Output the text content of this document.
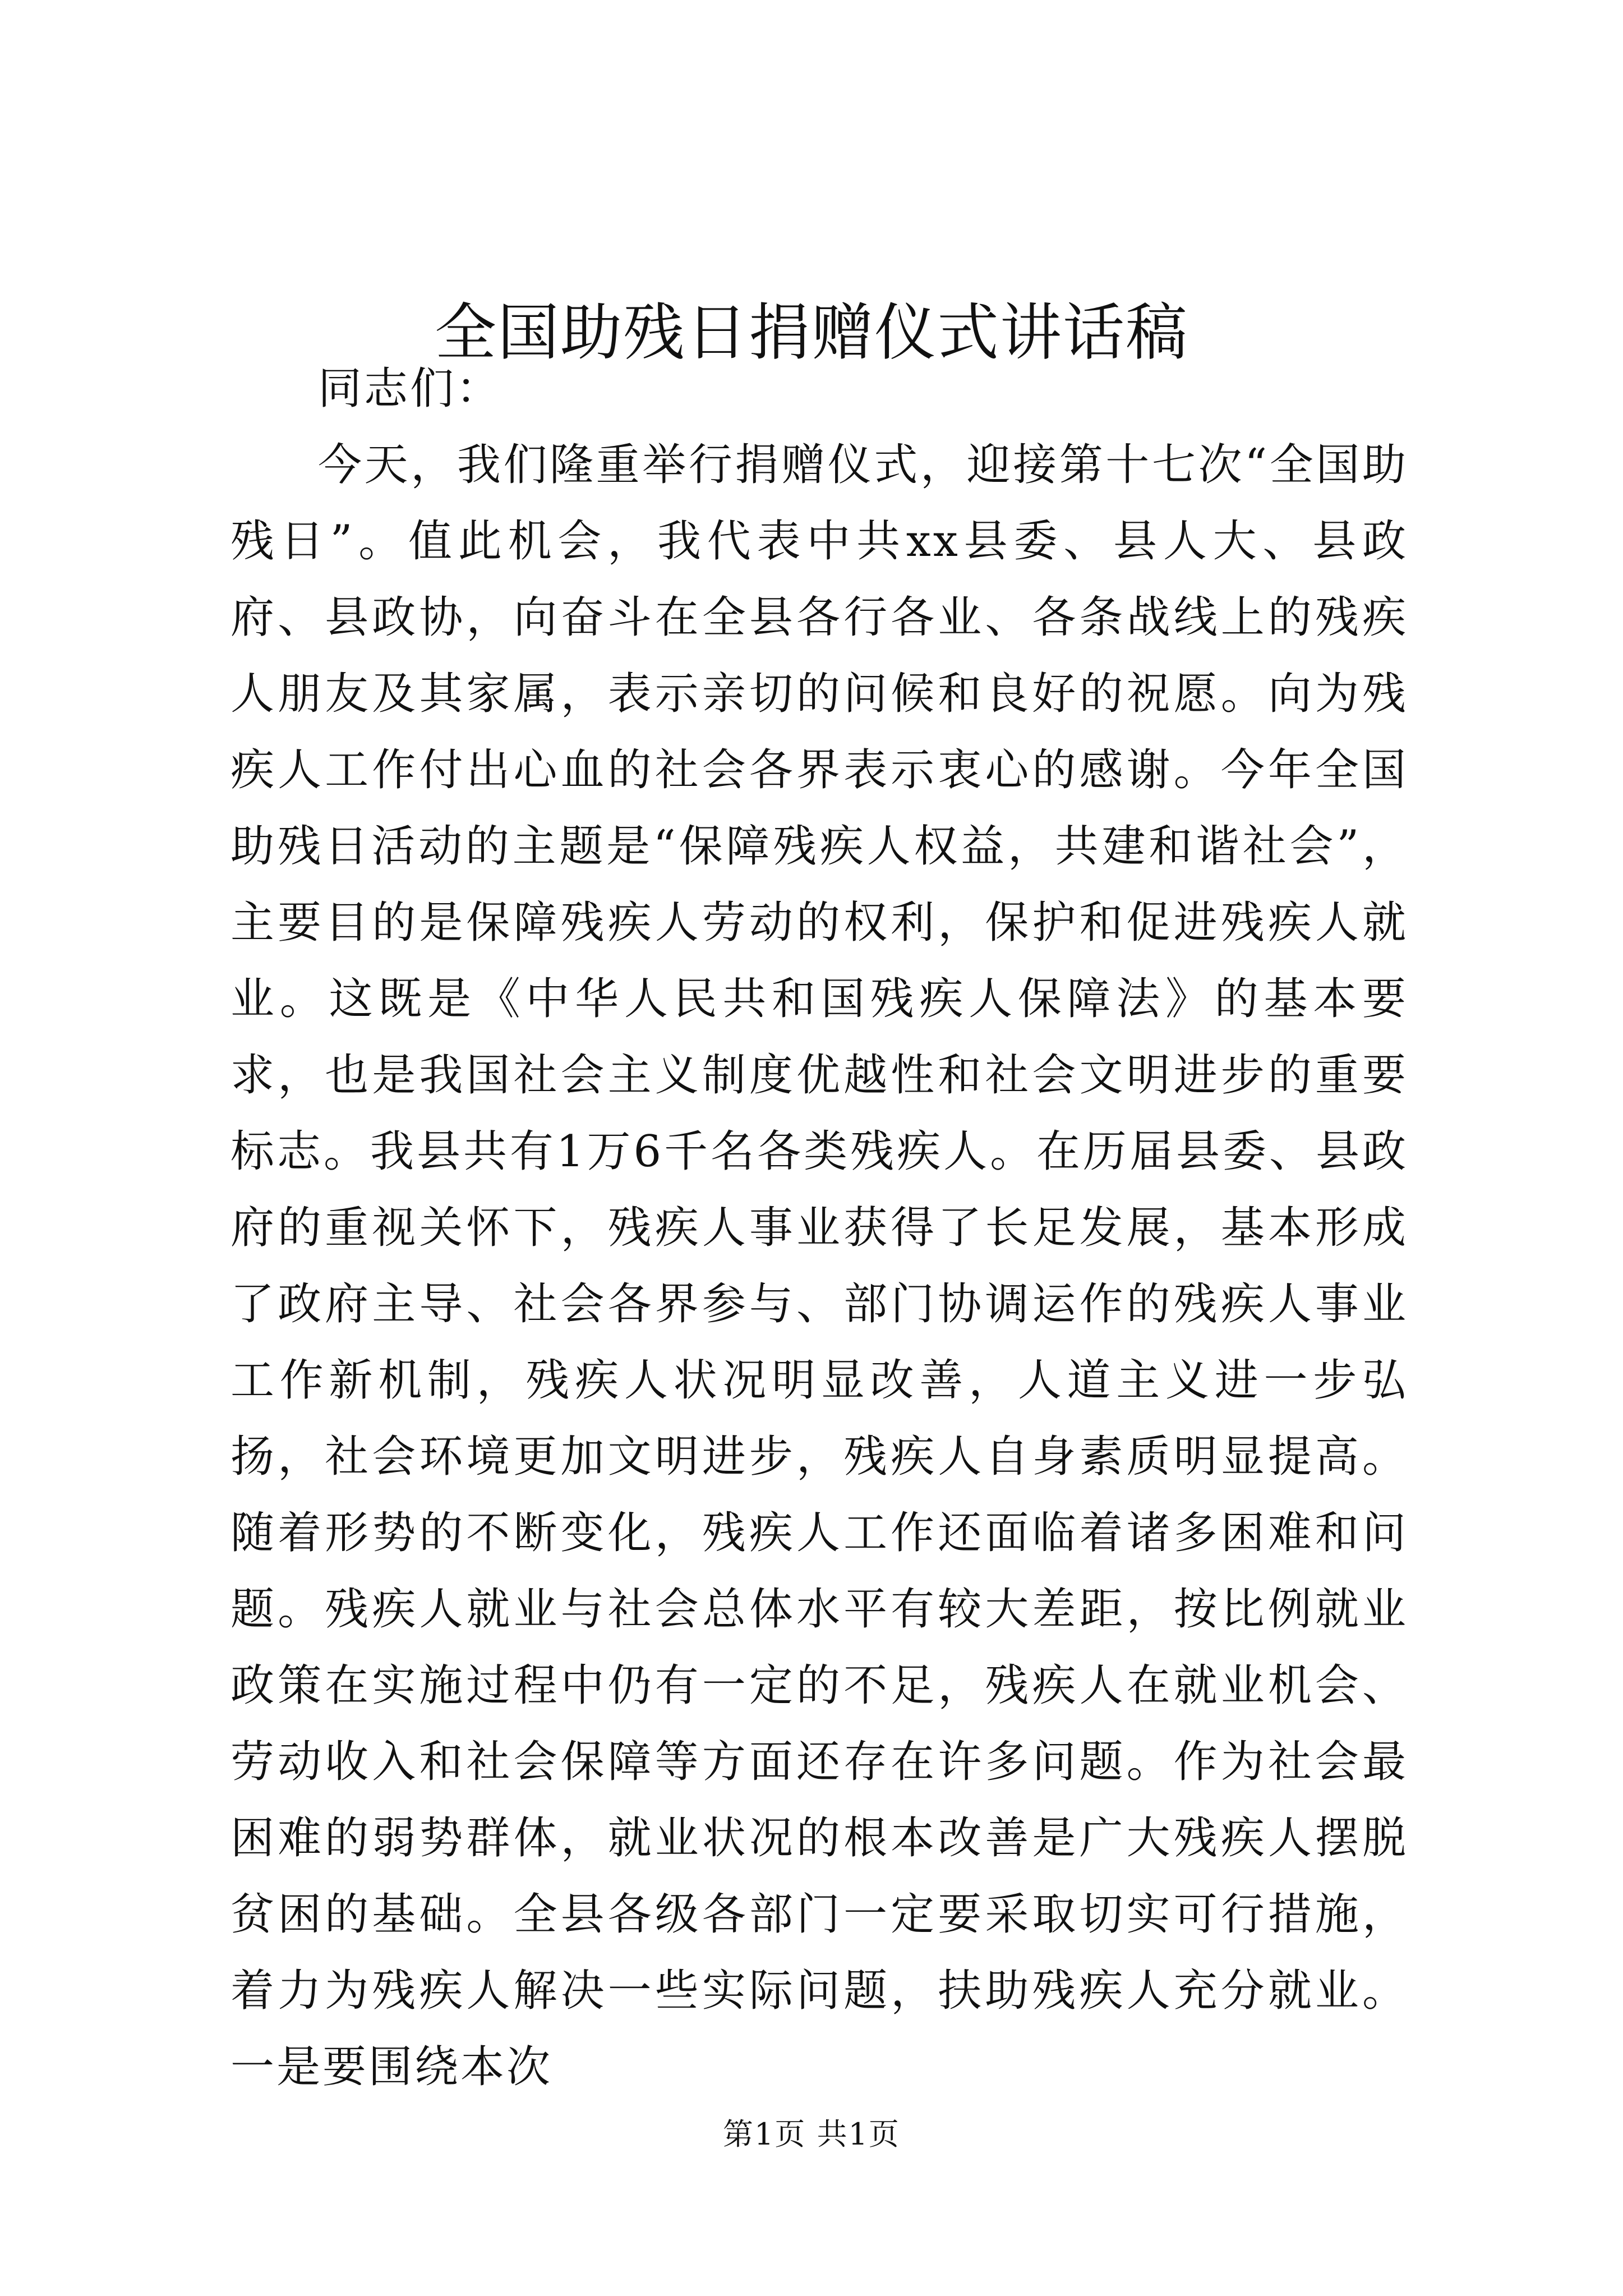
全国助残日捐赠仪式讲话稿

同志们：

今天，我们隆重举行捐赠仪式，迎接第十七次“全国助残日”。值此机会，我代表中共xx县委、县人大、县政府、县政协，向奋斗在全县各行各业、各条战线上的残疾人朋友及其家属，表示亲切的问候和良好的祝愿。向为残疾人工作付出心血的社会各界表示衷心的感谢。今年全国助残日活动的主题是“保障残疾人权益，共建和谐社会”，主要目的是保障残疾人劳动的权利，保护和促进残疾人就业。这既是《中华人民共和国残疾人保障法》的基本要求，也是我国社会主义制度优越性和社会文明进步的重要标志。我县共有1万6千名各类残疾人。在历届县委、县政府的重视关怀下，残疾人事业获得了长足发展，基本形成了政府主导、社会各界参与、部门协调运作的残疾人事业工作新机制，残疾人状况明显改善，人道主义进一步弘扬，社会环境更加文明进步，残疾人自身素质明显提高。随着形势的不断变化，残疾人工作还面临着诸多困难和问题。残疾人就业与社会总体水平有较大差距，按比例就业政策在实施过程中仍有一定的不足，残疾人在就业机会、劳动收入和社会保障等方面还存在许多问题。作为社会最困难的弱势群体，就业状况的根本改善是广大残疾人摆脱贫困的基础。全县各级各部门一定要采取切实可行措施，着力为残疾人解决一些实际问题，扶助残疾人充分就业。一是要围绕本次

第1页 共1页
